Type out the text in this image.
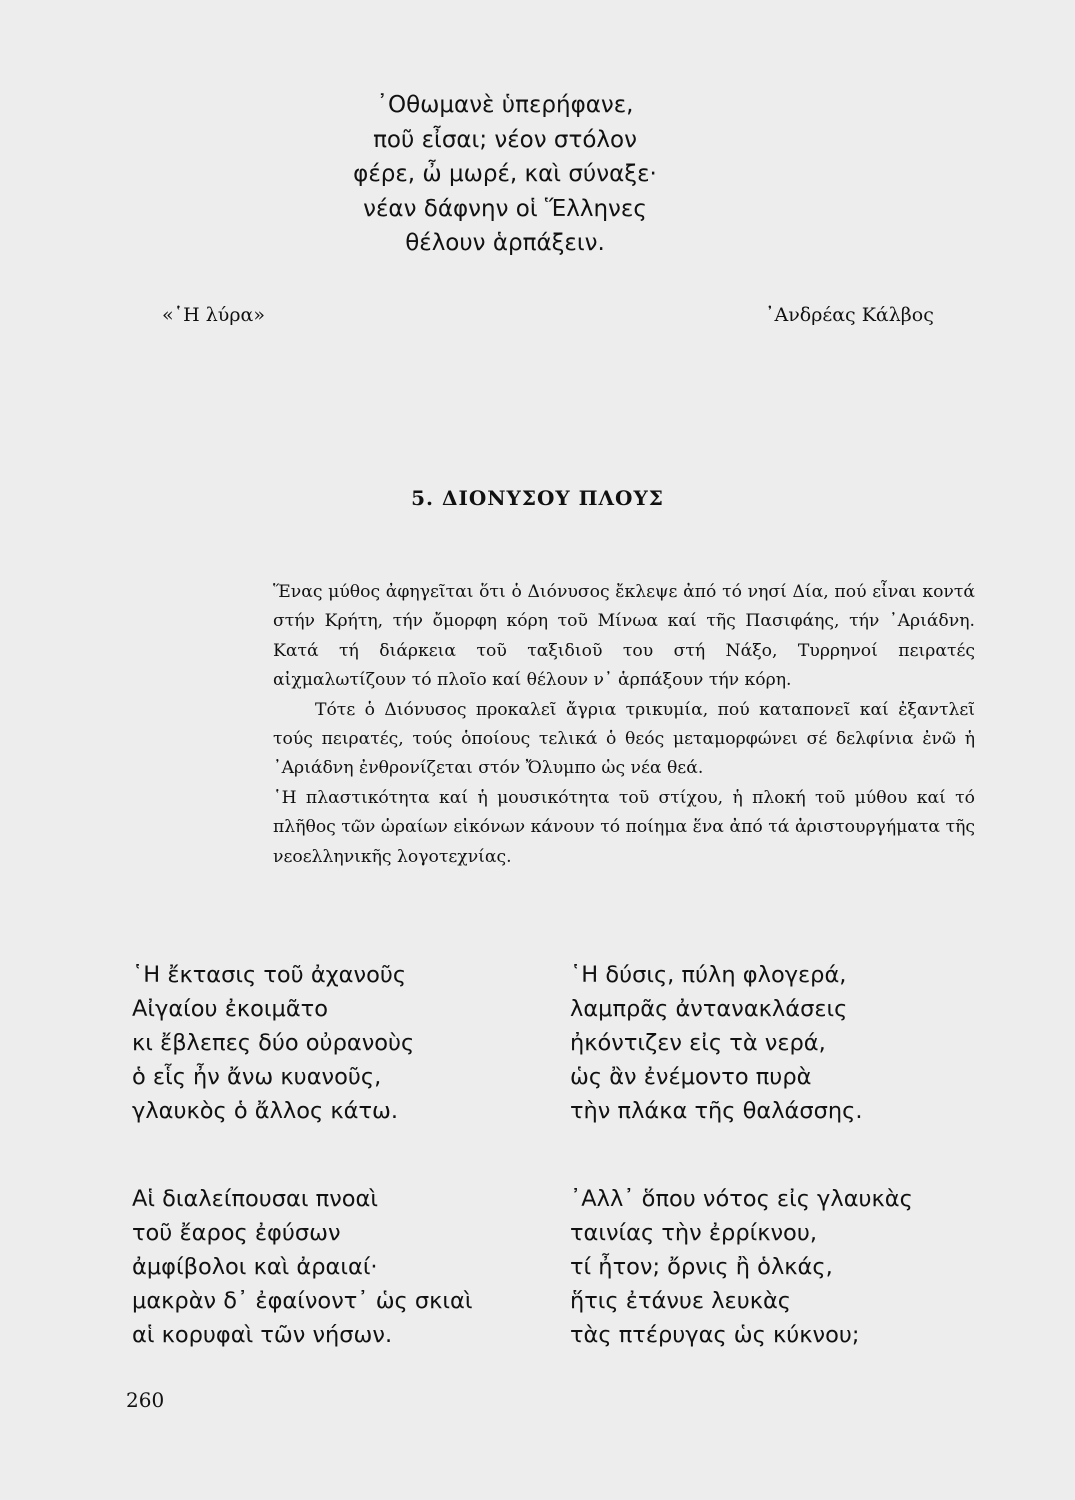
᾿Οθωμανὲ ὑπερήφανε,
ποῦ εἶσαι; νέον στόλον
φέρε, ὦ μωρέ, καὶ σύναξε·
νέαν δάφνην οἱ Ἕλληνες
θέλουν ἁρπάξειν.
«῾Η λύρα»	᾿Ανδρέας Κάλβος
5. ΔΙΟΝΥΣΟΥ ΠΛΟΥΣ

Ἕνας μύθος ἀφηγεῖται ὅτι ὁ Διόνυσος ἔκλεψε ἀπό τό νησί Δία, πού εἶναι κοντά στήν Κρήτη, τήν ὄμορφη κόρη τοῦ Μίνωα καί τῆς Πασιφάης, τήν ᾿Αριάδνη. Κατά τή διάρκεια τοῦ ταξιδιοῦ του στή Νάξο, Τυρρηνοί πειρατές αἰχμαλωτίζουν τό πλοῖο καί θέλουν ν᾿ ἁρπάξουν τήν κόρη.

Τότε ὁ Διόνυσος προκαλεῖ ἄγρια τρικυμία, πού καταπονεῖ καί ἐξαντλεῖ τούς πειρατές, τούς ὁποίους τελικά ὁ θεός μεταμορφώνει σέ δελφίνια ἐνῶ ἡ ᾿Αριάδνη ἐνθρονίζεται στόν Ὄλυμπο ὡς νέα θεά.

῾Η πλαστικότητα καί ἡ μουσικότητα τοῦ στίχου, ἡ πλοκή τοῦ μύθου καί τό πλῆθος τῶν ὡραίων εἰκόνων κάνουν τό ποίημα ἕνα ἀπό τά ἀριστουργήματα τῆς νεοελληνικῆς λογοτεχνίας.

῾Η ἔκτασις τοῦ ἀχανοῦς
Αἰγαίου ἐκοιμᾶτο
κι ἔβλεπες δύο οὐρανοὺς
ὁ εἷς ἦν ἄνω κυανοῦς,
γλαυκὸς ὁ ἄλλος κάτω.
῾Η δύσις, πύλη φλογερά,
λαμπρᾶς ἀντανακλάσεις
ἠκόντιζεν εἰς τὰ νερά,
ὡς ἂν ἐνέμοντο πυρὰ
τὴν πλάκα τῆς θαλάσσης.
Αἱ διαλείπουσαι πνοαὶ
τοῦ ἔαρος ἐφύσων
ἀμφίβολοι καὶ ἀραιαί·
μακρὰν δ᾿ ἐφαίνοντ᾿ ὡς σκιαὶ
αἱ κορυφαὶ τῶν νήσων.
᾿Αλλ᾿ ὅπου νότος εἰς γλαυκὰς
ταινίας τὴν ἐρρίκνου,
τί ἦτον; ὄρνις ἢ ὁλκάς,
ἥτις ἐτάνυε λευκὰς
τὰς πτέρυγας ὡς κύκνου;
260
